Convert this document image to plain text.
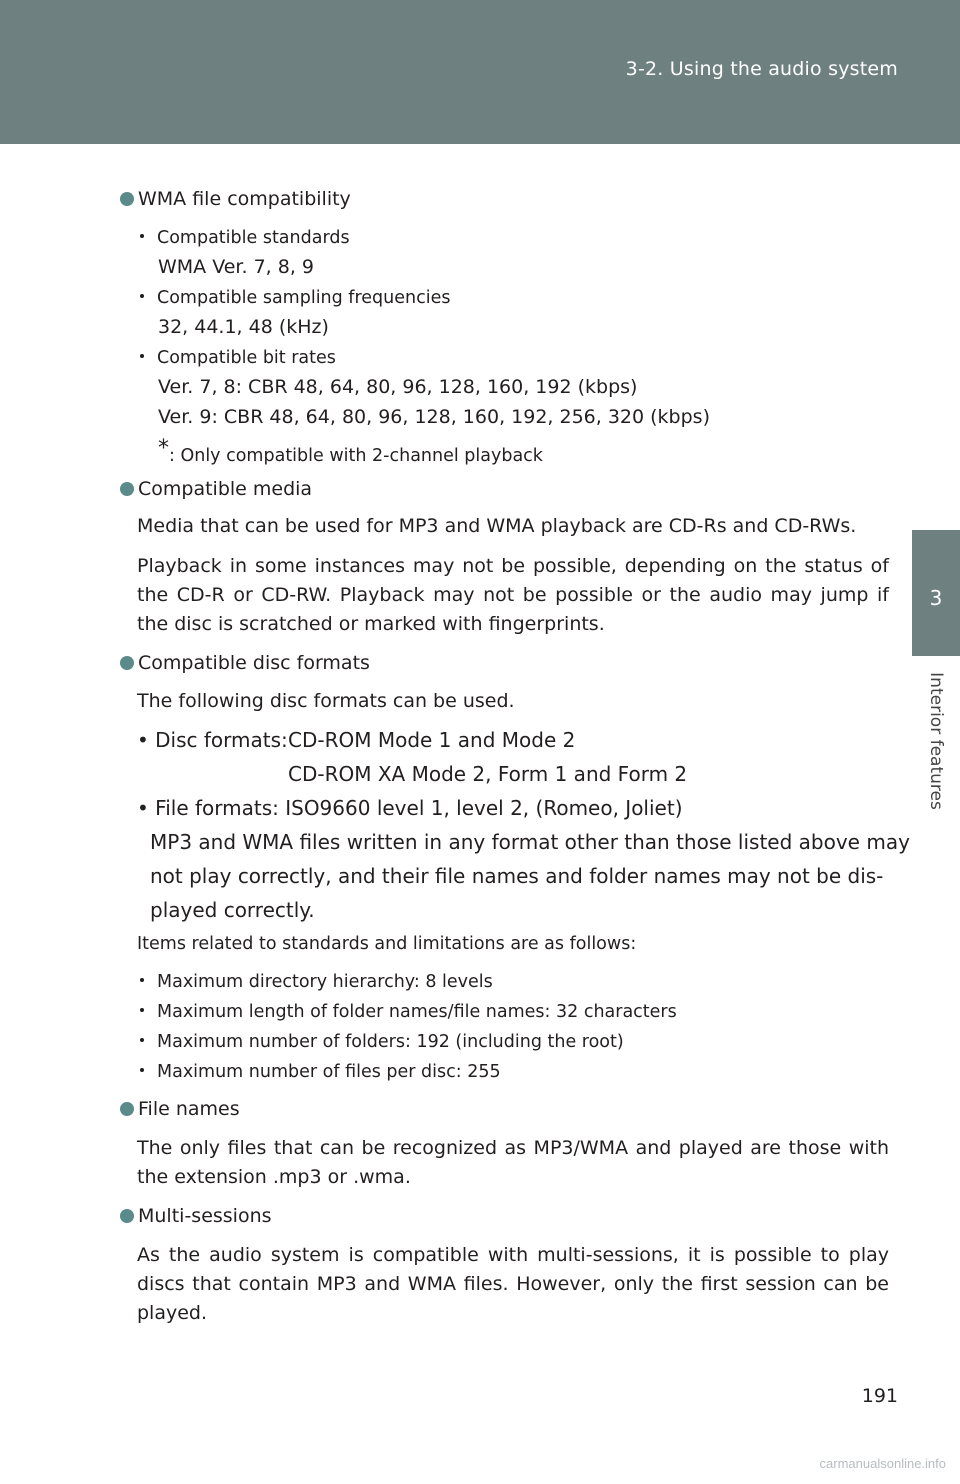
3-2. Using the audio system
3
Interior features
WMA file compatibility
Compatible standards
WMA Ver. 7, 8, 9
Compatible sampling frequencies
32, 44.1, 48 (kHz)
Compatible bit rates
Ver. 7, 8: CBR 48, 64, 80, 96, 128, 160, 192 (kbps)
Ver. 9: CBR 48, 64, 80, 96, 128, 160, 192, 256, 320 (kbps)
*: Only compatible with 2-channel playback
Compatible media
Media that can be used for MP3 and WMA playback are CD-Rs and CD-RWs.
Playback in some instances may not be possible, depending on the status of the CD-R or CD-RW. Playback may not be possible or the audio may jump if the disc is scratched or marked with fingerprints.
Compatible disc formats
The following disc formats can be used.
• Disc formats: CD-ROM Mode 1 and Mode 2
CD-ROM XA Mode 2, Form 1 and Form 2
• File formats: ISO9660 level 1, level 2, (Romeo, Joliet)
MP3 and WMA files written in any format other than those listed above may
not play correctly, and their file names and folder names may not be dis-
played correctly.
Items related to standards and limitations are as follows:
Maximum directory hierarchy: 8 levels
Maximum length of folder names/file names: 32 characters
Maximum number of folders: 192 (including the root)
Maximum number of files per disc: 255
File names
The only files that can be recognized as MP3/WMA and played are those with the extension .mp3 or .wma.
Multi-sessions
As the audio system is compatible with multi-sessions, it is possible to play discs that contain MP3 and WMA files. However, only the first session can be played.
191
carmanualsonline.info
